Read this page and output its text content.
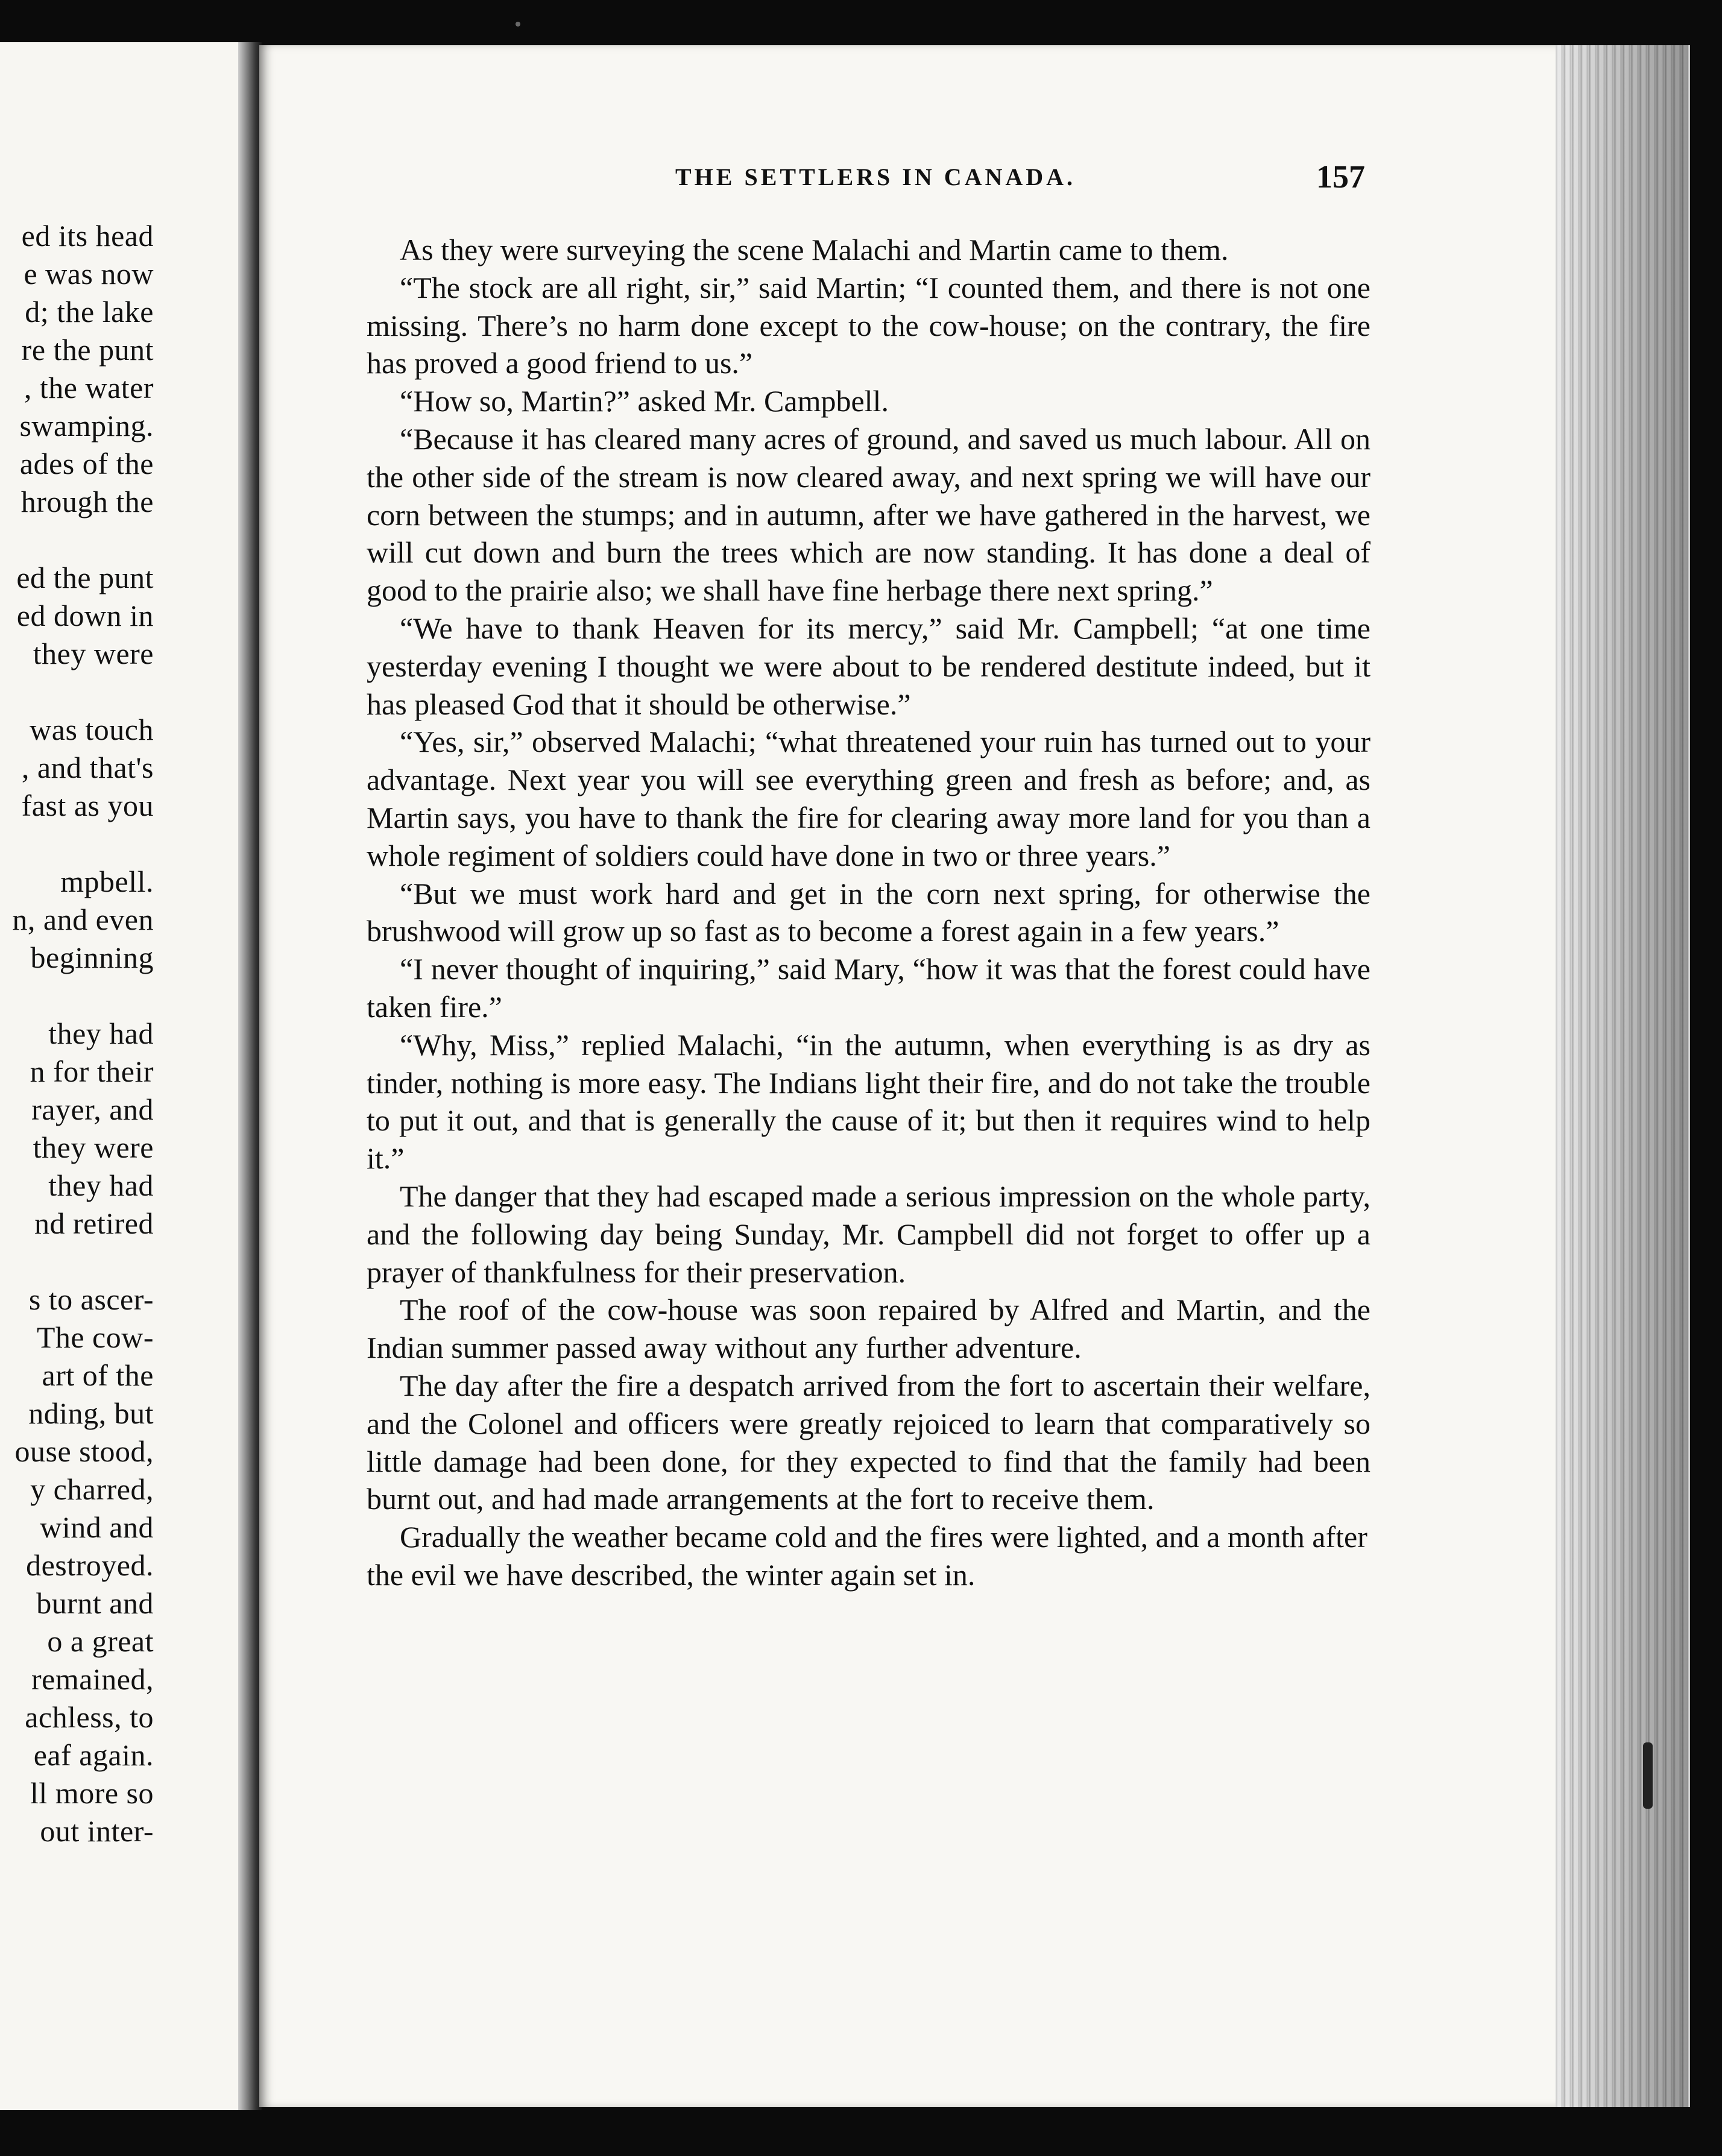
ed its head
e was now
d; the lake
re the punt
, the water
swamping.
ades of the
hrough the
ed the punt
ed down in
they were
was touch
, and that's
fast as you
mpbell.
n, and even
beginning
they had
n for their
rayer, and
they were
they had
nd retired
s to ascer-
The cow-
art of the
nding, but
ouse stood,
y charred,
wind and
destroyed.
burnt and
o a great
remained,
achless, to
eaf again.
ll more so
out inter-
THE SETTLERS IN CANADA.	157

As they were surveying the scene Malachi and Martin came to them.

“The stock are all right, sir,” said Martin; “I counted them, and there is not one missing. There’s no harm done except to the cow-house; on the contrary, the fire has proved a good friend to us.”

“How so, Martin?” asked Mr. Campbell.

“Because it has cleared many acres of ground, and saved us much labour. All on the other side of the stream is now cleared away, and next spring we will have our corn between the stumps; and in autumn, after we have gathered in the harvest, we will cut down and burn the trees which are now standing. It has done a deal of good to the prairie also; we shall have fine herbage there next spring.”

“We have to thank Heaven for its mercy,” said Mr. Campbell; “at one time yesterday evening I thought we were about to be rendered destitute indeed, but it has pleased God that it should be otherwise.”

“Yes, sir,” observed Malachi; “what threatened your ruin has turned out to your advantage. Next year you will see everything green and fresh as before; and, as Martin says, you have to thank the fire for clearing away more land for you than a whole regiment of soldiers could have done in two or three years.”

“But we must work hard and get in the corn next spring, for otherwise the brushwood will grow up so fast as to become a forest again in a few years.”

“I never thought of inquiring,” said Mary, “how it was that the forest could have taken fire.”

“Why, Miss,” replied Malachi, “in the autumn, when everything is as dry as tinder, nothing is more easy. The Indians light their fire, and do not take the trouble to put it out, and that is generally the cause of it; but then it requires wind to help it.”

The danger that they had escaped made a serious impression on the whole party, and the following day being Sunday, Mr. Campbell did not forget to offer up a prayer of thankfulness for their preservation.

The roof of the cow-house was soon repaired by Alfred and Martin, and the Indian summer passed away without any further adventure.

The day after the fire a despatch arrived from the fort to ascertain their welfare, and the Colonel and officers were greatly rejoiced to learn that comparatively so little damage had been done, for they expected to find that the family had been burnt out, and had made arrangements at the fort to receive them.

Gradually the weather became cold and the fires were lighted, and a month after the evil we have described, the winter again set in.
